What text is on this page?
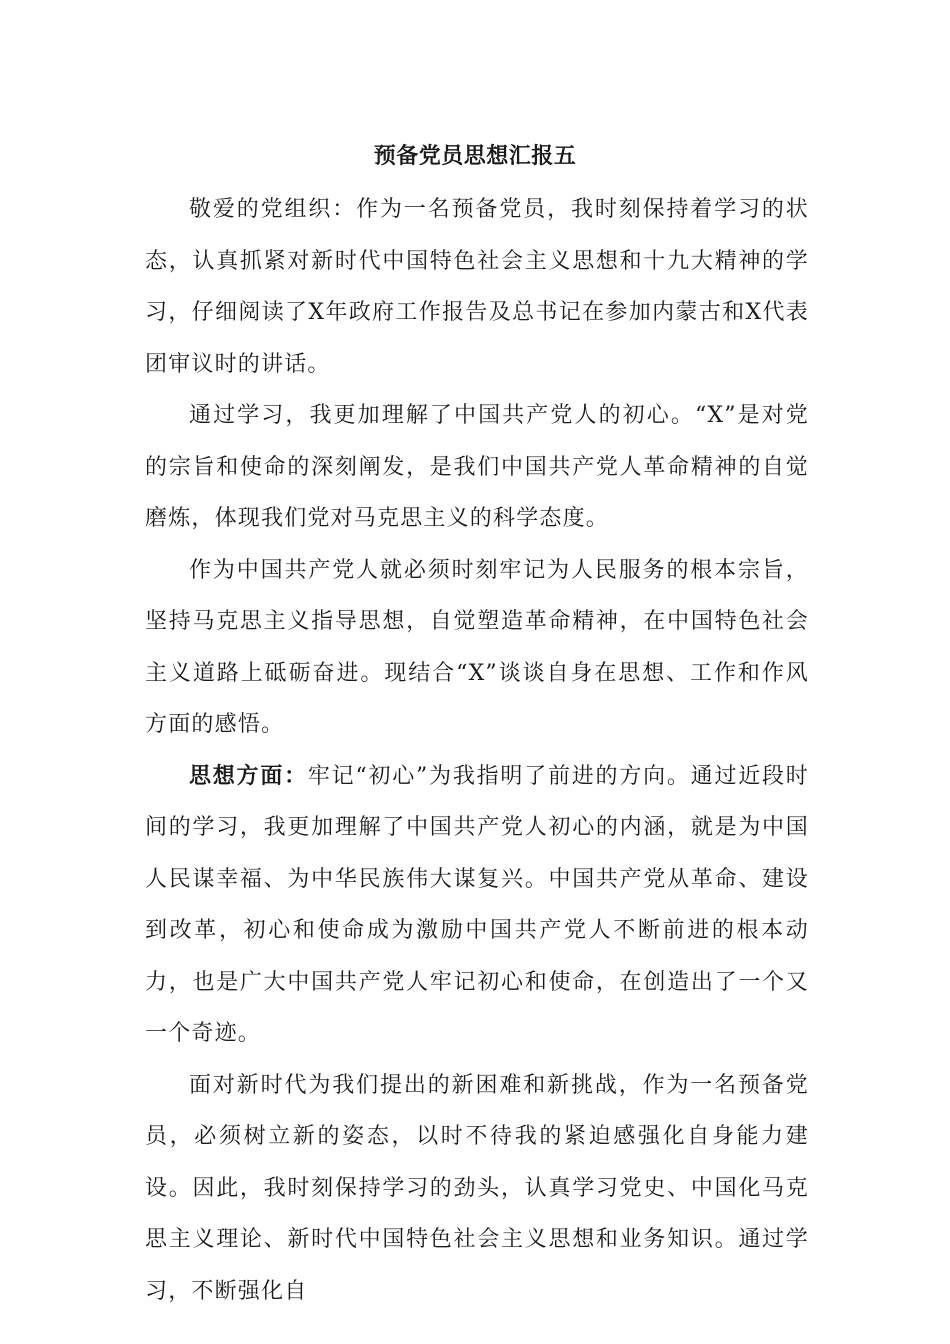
预备党员思想汇报五

敬爱的党组织：作为一名预备党员，我时刻保持着学习的状态，认真抓紧对新时代中国特色社会主义思想和十九大精神的学习，仔细阅读了X年政府工作报告及总书记在参加内蒙古和X代表团审议时的讲话。

通过学习，我更加理解了中国共产党人的初心。“X”是对党的宗旨和使命的深刻阐发，是我们中国共产党人革命精神的自觉磨炼，体现我们党对马克思主义的科学态度。

作为中国共产党人就必须时刻牢记为人民服务的根本宗旨，坚持马克思主义指导思想，自觉塑造革命精神，在中国特色社会主义道路上砥砺奋进。现结合“X”谈谈自身在思想、工作和作风方面的感悟。

思想方面：牢记“初心”为我指明了前进的方向。通过近段时间的学习，我更加理解了中国共产党人初心的内涵，就是为中国人民谋幸福、为中华民族伟大谋复兴。中国共产党从革命、建设到改革，初心和使命成为激励中国共产党人不断前进的根本动力，也是广大中国共产党人牢记初心和使命，在创造出了一个又一个奇迹。

面对新时代为我们提出的新困难和新挑战，作为一名预备党员，必须树立新的姿态，以时不待我的紧迫感强化自身能力建设。因此，我时刻保持学习的劲头，认真学习党史、中国化马克思主义理论、新时代中国特色社会主义思想和业务知识。通过学习，不断强化自
